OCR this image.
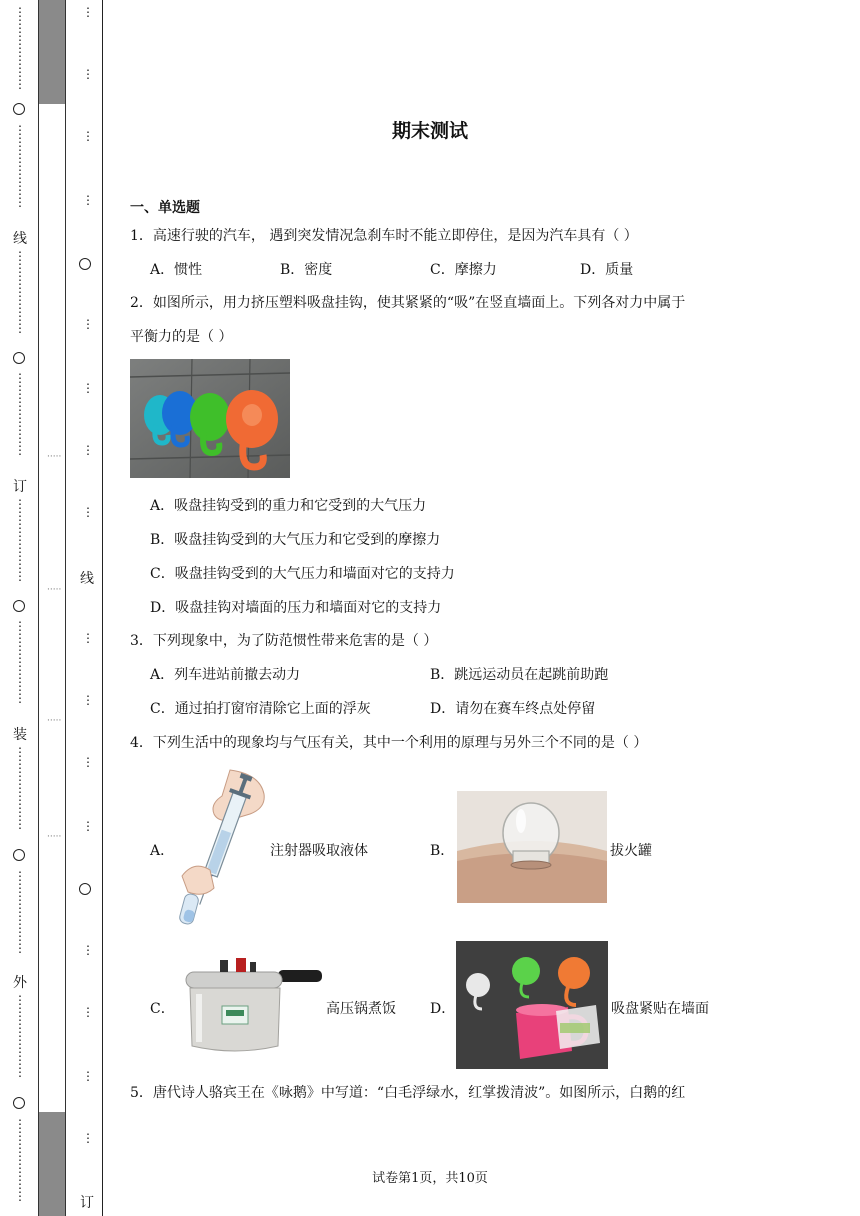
⋮
⋮
⋮
⋮
⋮
⋮
⋮
⋮
⋮
⋮
⋮
⋮
⋮
⋮
线
⋮
⋮
⋮
⋮
⋮
⋮
⋮
⋮
⋮
⋮
⋮
⋮
⋮
⋮
订
⋮
⋮
⋮
⋮
⋮
⋮
⋮
⋮
⋮
⋮
⋮
⋮
⋮
⋮
装
⋮
⋮
⋮
⋮
⋮
⋮
⋮
⋮
⋮
⋮
⋮
⋮
⋮
⋮
外
⋮
⋮
⋮
⋮
⋮
⋮
⋮
⋮
⋮
⋮
⋮
⋮
⋮
⋮
·····
·····
·····
·····
⋮
⋮
⋮
⋮
⋮
⋮
⋮
⋮
线
⋮
⋮
⋮
⋮
⋮
⋮
⋮
⋮
订
期末测试
一、单选题
1．高速行驶的汽车， 遇到突发情况急刹车时不能立即停住，是因为汽车具有（ ）
A．惯性	B．密度	C．摩擦力	D．质量
2．如图所示，用力挤压塑料吸盘挂钩，使其紧紧的“吸”在竖直墙面上。下列各对力中属于
平衡力的是（ ）
A．吸盘挂钩受到的重力和它受到的大气压力
B．吸盘挂钩受到的大气压力和它受到的摩擦力
C．吸盘挂钩受到的大气压力和墙面对它的支持力
D．吸盘挂钩对墙面的压力和墙面对它的支持力
3．下列现象中，为了防范惯性带来危害的是（ ）
A．列车进站前撤去动力	B．跳远运动员在起跳前助跑
C．通过拍打窗帘清除它上面的浮灰	D．请勿在赛车终点处停留
4．下列生活中的现象均与气压有关，其中一个利用的原理与另外三个不同的是（ ）
A．	注射器吸取液体	B．	拔火罐
C．	高压锅煮饭 D．	吸盘紧贴在墙面
5．唐代诗人骆宾王在《咏鹅》中写道：“白毛浮绿水，红掌拨清波”。如图所示，白鹅的红
试卷第1页，共10页
